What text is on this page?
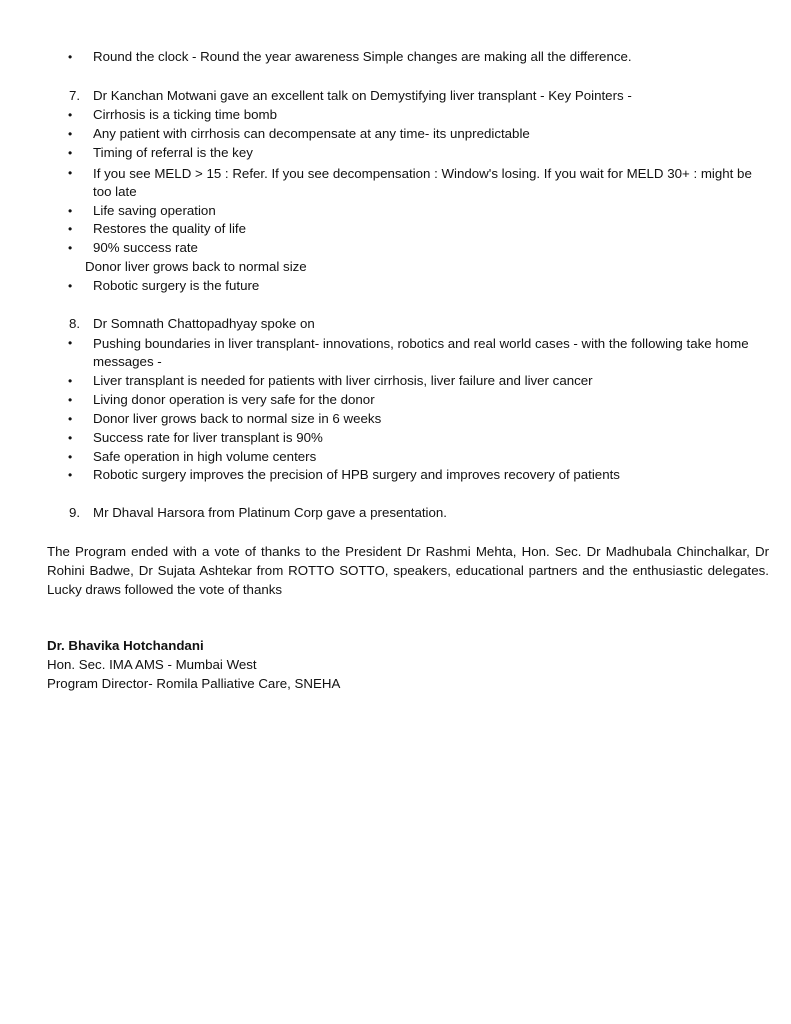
• Round the clock - Round the year awareness Simple changes are making all the difference.
7. Dr Kanchan Motwani gave an excellent talk on Demystifying liver transplant - Key Pointers -
• Cirrhosis is a ticking time bomb
• Any patient with cirrhosis can decompensate at any time- its unpredictable
• Timing of referral is the key
• If you see MELD > 15 : Refer. If you see decompensation : Window's losing. If you wait for MELD 30+ : might be too late
• Life saving operation
• Restores the quality of life
• 90% success rate
Donor liver grows back to normal size
• Robotic surgery is the future
8. Dr Somnath Chattopadhyay spoke on
• Pushing boundaries in liver transplant- innovations, robotics and real world cases - with the following take home messages -
• Liver transplant is needed for patients with liver cirrhosis, liver failure and liver cancer
• Living donor operation is very safe for the donor
• Donor liver grows back to normal size in 6 weeks
• Success rate for liver transplant is 90%
• Safe operation in high volume centers
• Robotic surgery improves the precision of HPB surgery and improves recovery of patients
9. Mr Dhaval Harsora from Platinum Corp gave a presentation.
The Program ended with a vote of thanks to the President Dr Rashmi Mehta, Hon. Sec. Dr Madhubala Chinchalkar, Dr Rohini Badwe, Dr Sujata Ashtekar from ROTTO SOTTO, speakers, educational partners and the enthusiastic delegates. Lucky draws followed the vote of thanks
Dr. Bhavika Hotchandani
Hon. Sec. IMA AMS - Mumbai West
Program Director- Romila Palliative Care, SNEHA
